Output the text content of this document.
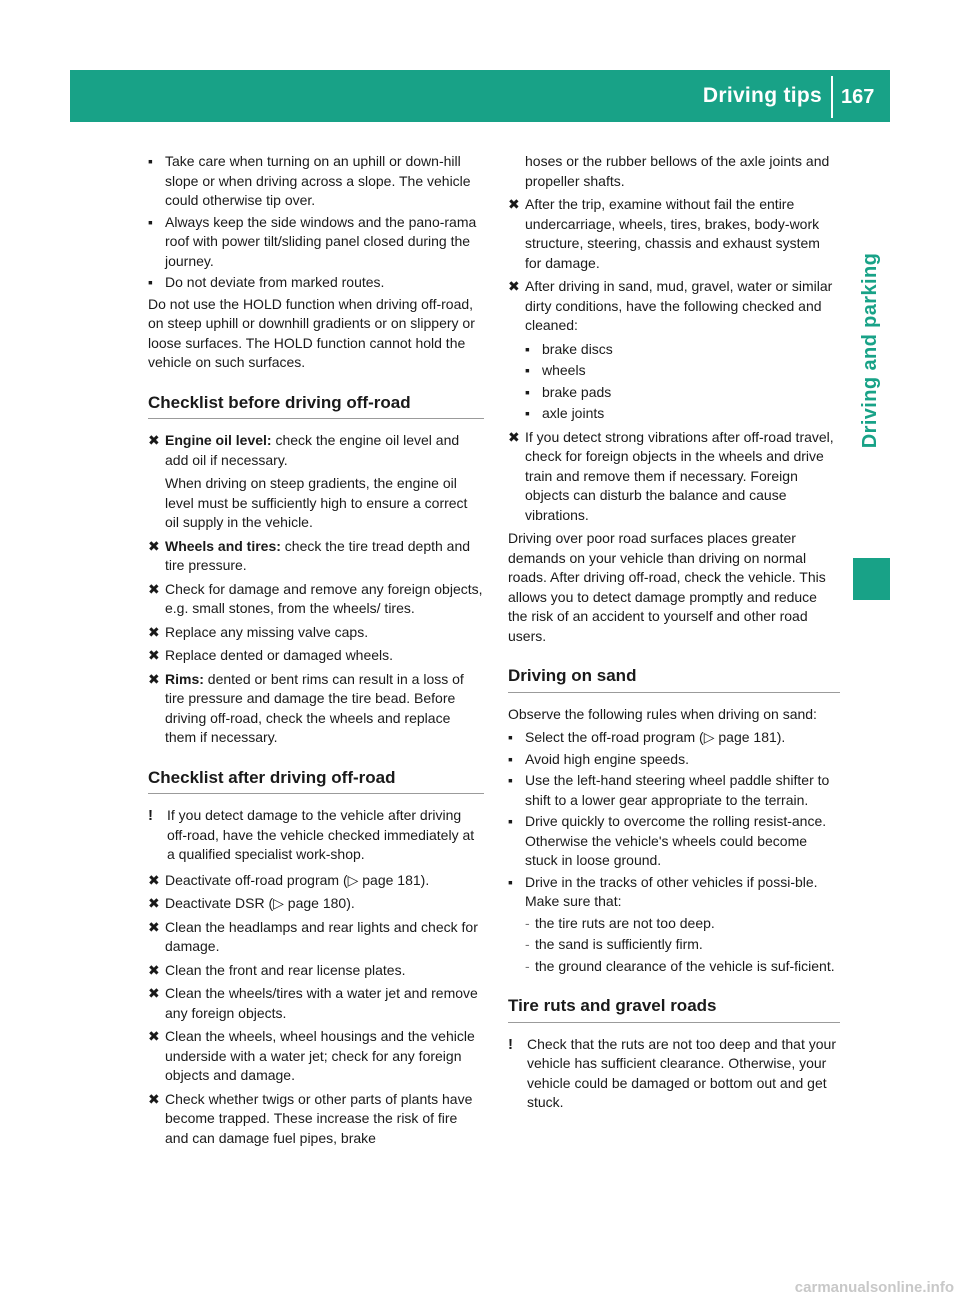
Driving tips 167
Driving and parking
▪ Take care when turning on an uphill or down-hill slope or when driving across a slope. The vehicle could otherwise tip over.
▪ Always keep the side windows and the pano-rama roof with power tilt/sliding panel closed during the journey.
▪ Do not deviate from marked routes.

Do not use the HOLD function when driving off-road, on steep uphill or downhill gradients or on slippery or loose surfaces. The HOLD function cannot hold the vehicle on such surfaces.

Checklist before driving off-road
✖ Engine oil level: check the engine oil level and add oil if necessary.
When driving on steep gradients, the engine oil level must be sufficiently high to ensure a correct oil supply in the vehicle.
✖ Wheels and tires: check the tire tread depth and tire pressure.
✖ Check for damage and remove any foreign objects, e.g. small stones, from the wheels/ tires.
✖ Replace any missing valve caps.
✖ Replace dented or damaged wheels.
✖ Rims: dented or bent rims can result in a loss of tire pressure and damage the tire bead. Before driving off-road, check the wheels and replace them if necessary.
Checklist after driving off-road
!	If you detect damage to the vehicle after driving off-road, have the vehicle checked immediately at a qualified specialist work-shop.
✖ Deactivate off-road program (▷ page 181).
✖ Deactivate DSR (▷ page 180).
✖ Clean the headlamps and rear lights and check for damage.
✖ Clean the front and rear license plates.
✖ Clean the wheels/tires with a water jet and remove any foreign objects.
✖ Clean the wheels, wheel housings and the vehicle underside with a water jet; check for any foreign objects and damage.
✖ Check whether twigs or other parts of plants have become trapped. These increase the risk of fire and can damage fuel pipes, brake
hoses or the rubber bellows of the axle joints and propeller shafts.
✖ After the trip, examine without fail the entire undercarriage, wheels, tires, brakes, body-work structure, steering, chassis and exhaust system for damage.
✖ After driving in sand, mud, gravel, water or similar dirty conditions, have the following checked and cleaned:
▪ brake discs
▪ wheels
▪ brake pads
▪ axle joints
✖ If you detect strong vibrations after off-road travel, check for foreign objects in the wheels and drive train and remove them if necessary. Foreign objects can disturb the balance and cause vibrations.

Driving over poor road surfaces places greater demands on your vehicle than driving on normal roads. After driving off-road, check the vehicle. This allows you to detect damage promptly and reduce the risk of an accident to yourself and other road users.

Driving on sand

Observe the following rules when driving on sand:

▪ Select the off-road program (▷ page 181).
▪ Avoid high engine speeds.
▪ Use the left-hand steering wheel paddle shifter to shift to a lower gear appropriate to the terrain.
▪ Drive quickly to overcome the rolling resist-ance. Otherwise the vehicle's wheels could become stuck in loose ground.
▪ Drive in the tracks of other vehicles if possi-ble. Make sure that:
- the tire ruts are not too deep.
- the sand is sufficiently firm.
- the ground clearance of the vehicle is suf-ficient.
Tire ruts and gravel roads
!	Check that the ruts are not too deep and that your vehicle has sufficient clearance. Otherwise, your vehicle could be damaged or bottom out and get stuck.
carmanualsonline.info
